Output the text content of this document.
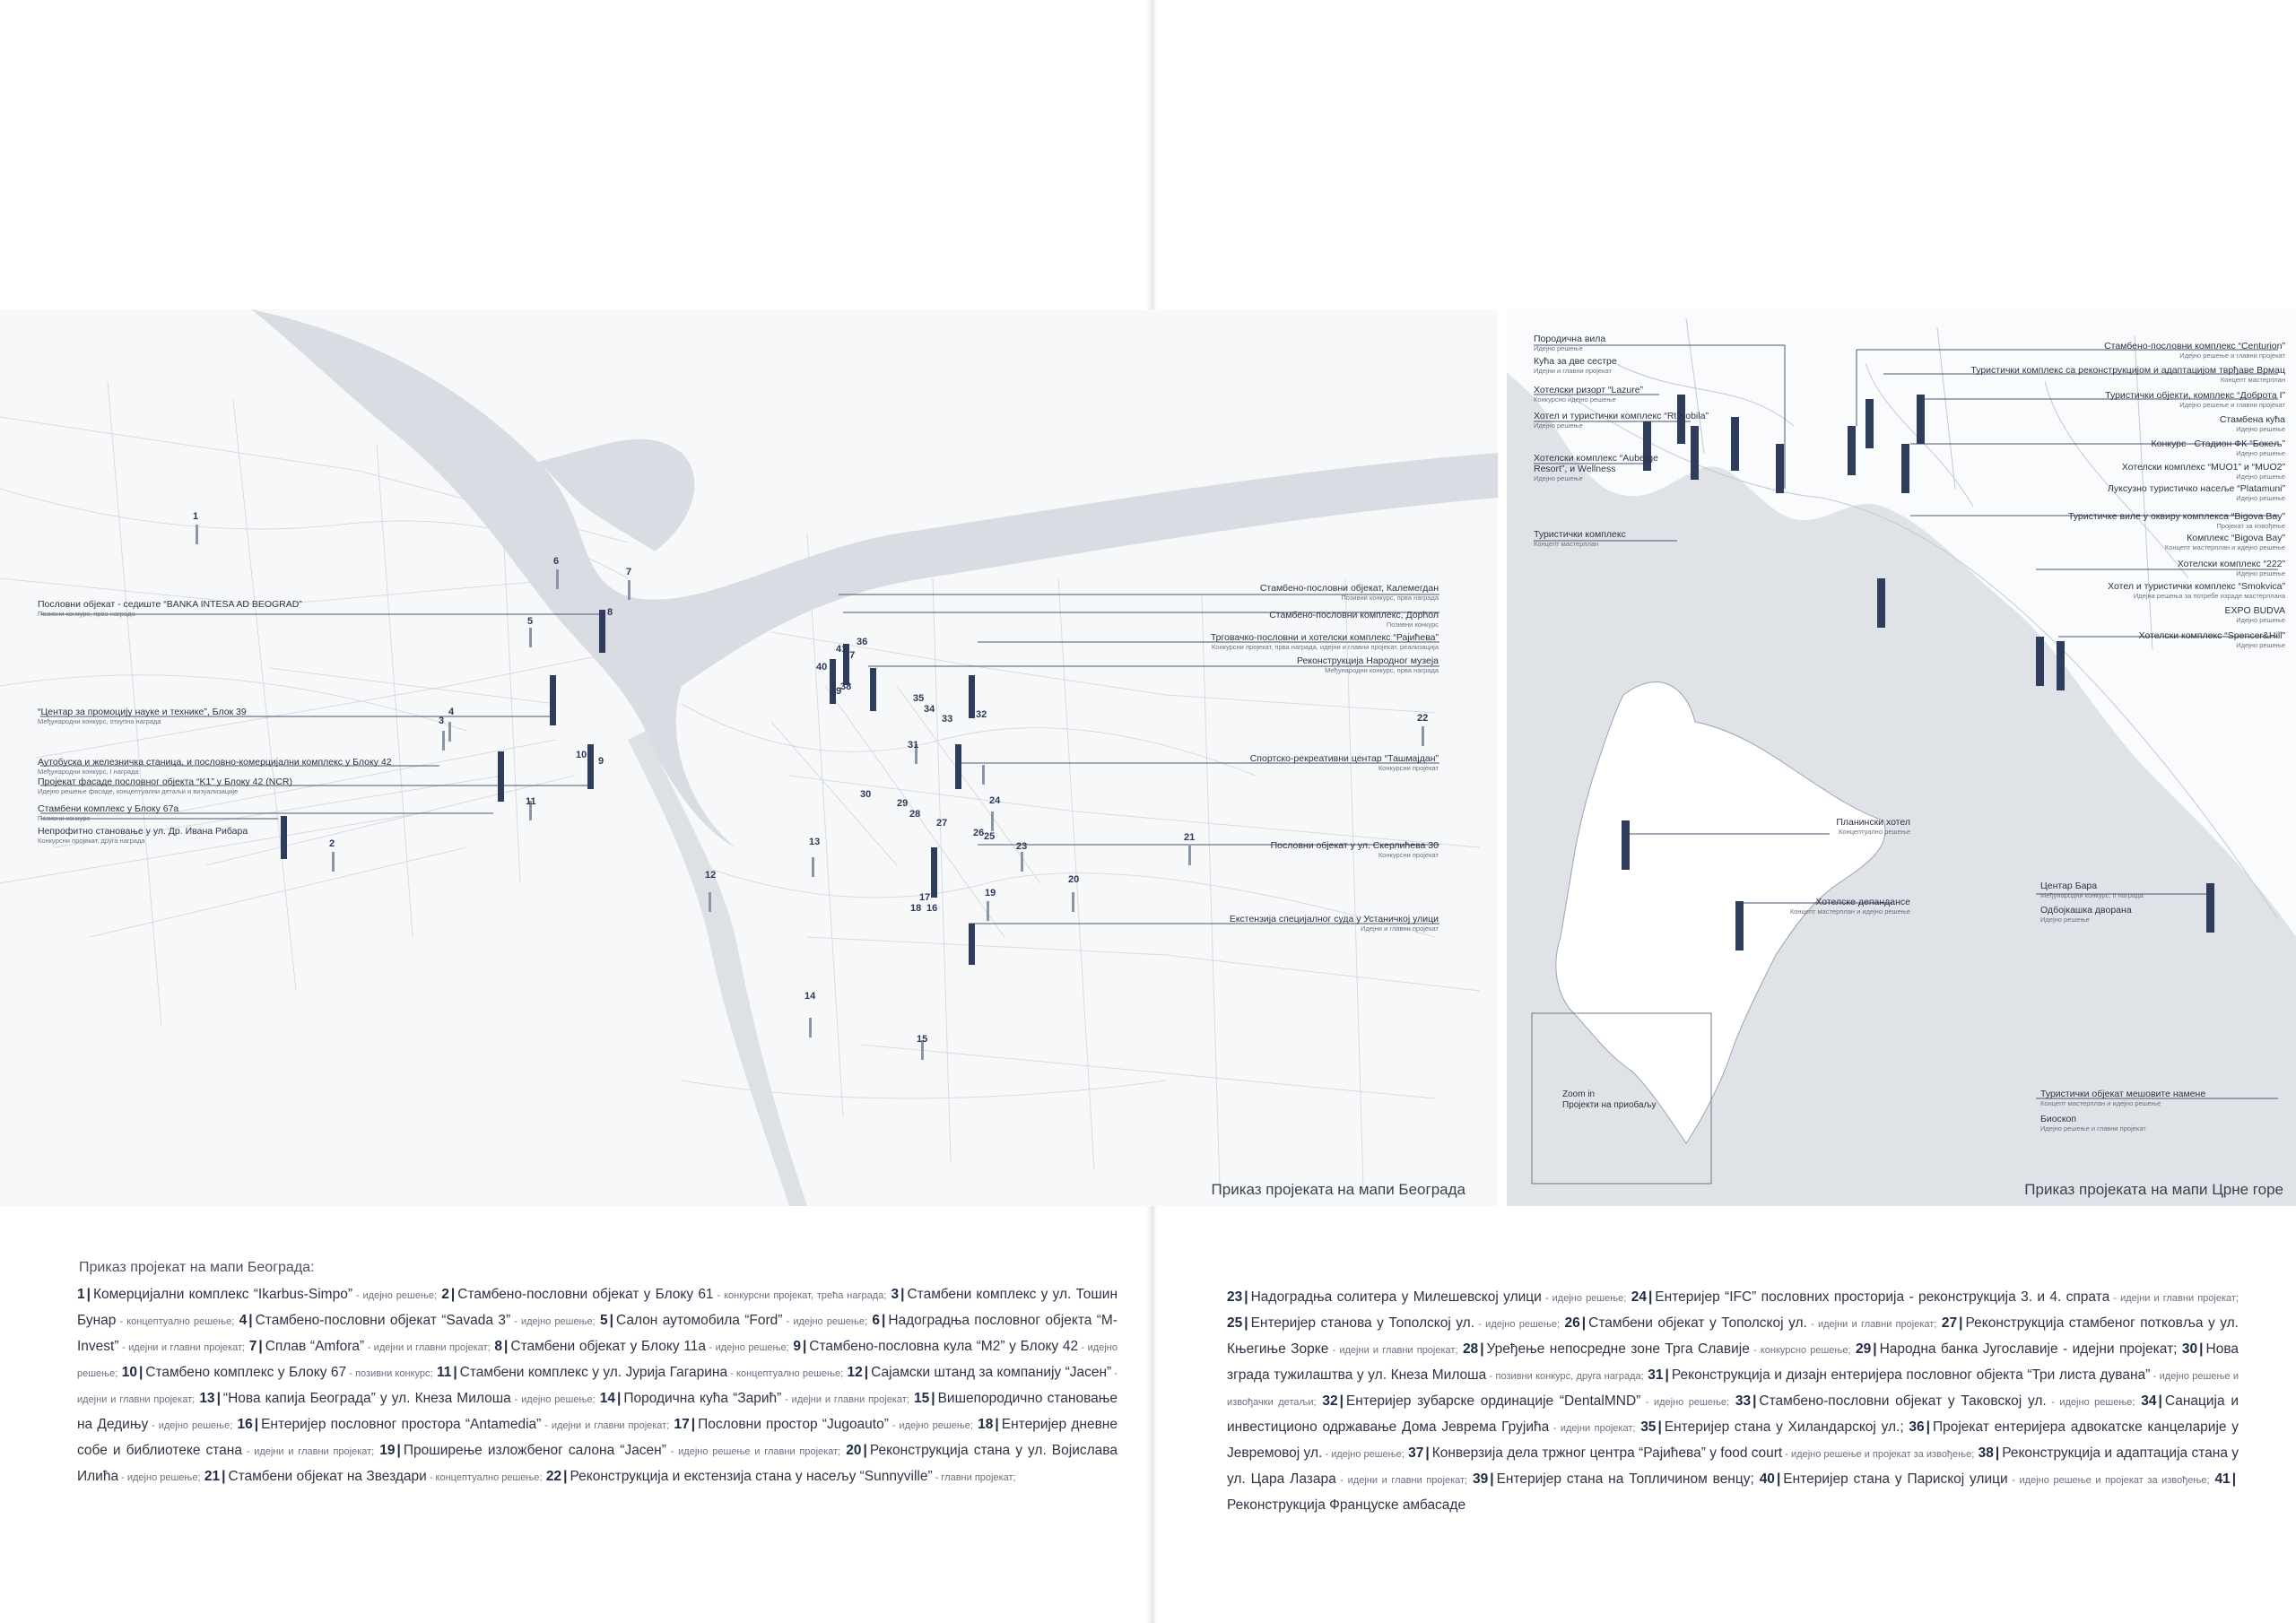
Пословни објекат - седиште “BANKA INTESA AD BEOGRAD”
Позивни конкурс, прва награда
“Центар за промоцију науке и технике”, Блок 39
Међународни конкурс, откупна награда
Аутобуска и железничка станица, и пословно-комерцијални комплекс у Блоку 42
Међународни конкурс, I награда
Пројекат фасаде пословног објекта “K1” у Блоку 42 (NCR)
Идејно решење фасаде, концептуални детаљи и визуализације
Стамбени комплекс у Блоку 67а
Позивни конкурс
Непрофитно становање у ул. Др. Ивана Рибара
Конкурсни пројекат, друга награда
Стамбено-пословни објекат, Калемегдан
Позивни конкурс, прва награда
Стамбено-пословни комплекс, Дорћол
Позивни конкурс
Трговачко-пословни и хотелски комплекс “Рајићева”
Конкурсни пројекат, прва награда, идејни и главни пројекат, реализација
Реконструкција Народног музеја
Међународни конкурс, прва награда
Спортско-рекреативни центар “Ташмајдан”
Конкурсни пројекат
Пословни објекат у ул. Скерлићева 30
Конкурсни пројекат
Екстензија специјалног суда у Устаничкој улици
Идејни и главни пројекат
1
2
3
4
5
6
7
8
9
10
11
12
13
14
15
16
17
18
19
20
21
22
23
24
25
26
27
28
29
30
31
32
33
34
35
36
37
38
39
40
41
Приказ пројеката на мапи Београда
Породична вила
Идејно решење
Кућа за две сестре
Идејни и главни пројекат
Хотелски ризорт “Lazure”
Конкурсно идејно решење
Хотел и туристички комплекс “Rt Kobila”
Идејно решење
Хотелски комплекс “Auberge Resort”, и Wellness
Идејно решење
Туристички комплекс
Концепт мастерплан
Стамбено-пословни комплекс “Centurion”
Идејно решење и главни пројекат
Туристички комплекс са реконструкцијом и адаптацијом тврђаве Врмац
Концепт мастерплан
Туристички објекти, комплекс “Доброта I”
Идејно решење и главни пројекат
Стамбена кућа
Идејно решење
Конкурс - Стадион ФК “Бокељ”
Идејно решење
Хотелски комплекс “MUO1” и “MUO2”
Идејно решење
Луксузно туристичко насеље “Platamuni”
Идејно решење
Туристичке виле у оквиру комплекса “Bigova Bay”
Пројекат за извођење
Комплекс “Bigova Bay”
Концепт мастерплан и идејно решење
Хотелски комплекс “222”
Идејно решење
Хотел и туристички комплекс “Smokvica”
Идејна решења за потребе израде мастерплана
EXPO BUDVA
Идејно решење
Хотелски комплекс “Spencer&Hill”
Идејно решење
Планински хотел
Концептуално решење
Хотелске депандансе
Концепт мастерплан и идејно решење
Центар Бара
Међународни конкурс, II награда
Одбојкашка дворана
Идејно решење
Туристички објекат мешовите намене
Концепт мастерплан и идејно решење
Биоскоп
Идејно решење и главни пројекат
Zoom in
Пројекти на приобаљу
Приказ пројеката на мапи Црне горе
Приказ пројекат на мапи Београда:
1 | Комерцијални комплекс “Ikarbus-Simpo” - идејно решење; 2 | Стамбено-пословни објекат у Блоку 61 - конкурсни пројекат, трећа награда; 3 | Стамбени комплекс у ул. Тошин Бунар - концептуално решење; 4 | Стамбено-пословни објекат “Savada 3” - идејно решење; 5 | Салон аутомобила “Ford” - идејно решење; 6 | Надоградња пословног објекта “M-Invest” - идејни и главни пројекат; 7 | Сплав “Amfora” - идејни и главни пројекат; 8 | Стамбени објекат у Блоку 11а - идејно решење; 9 | Стамбено-пословна кула “M2” у Блоку 42 - идејно решење; 10 | Стамбено комплекс у Блоку 67 - позивни конкурс; 11 | Стамбени комплекс у ул. Јурија Гагарина - концептуално решење; 12 | Сајамски штанд за компанију “Јасен” - идејни и главни пројекат; 13 | “Нова капија Београда” у ул. Кнеза Милоша - идејно решење; 14 | Породична кућа “Зарић” - идејни и главни пројекат; 15 | Вишепородично становање на Дедињу - идејно решење; 16 | Ентеријер пословног простора “Antamedia” - идејни и главни пројекат; 17 | Пословни простор “Jugoauto” - идејно решење; 18 | Ентеријер дневне собе и библиотеке стана - идејни и главни пројекат; 19 | Проширење изложбеног салона “Јасен” - идејно решење и главни пројекат; 20 | Реконструкција стана у ул. Војислава Илића - идејно решење; 21 | Стамбени објекат на Звездари - концептуално решење; 22 | Реконструкција и екстензија стана у насељу “Sunnyville” - главни пројекат;
23 | Надоградња солитера у Милешевској улици - идејно решење; 24 | Ентеријер “IFC” пословних просторија - реконструкција 3. и 4. спрата - идејни и главни пројекат; 25 | Ентеријер станова у Тополској ул. - идејно решење; 26 | Стамбени објекат у Тополској ул. - идејни и главни пројекат; 27 | Реконструкција стамбеног потковља у ул. Књегиње Зорке - идејни и главни пројекат; 28 | Уређење непосредне зоне Трга Славије - конкурсно решење; 29 | Народна банка Југославије - идејни пројекат; 30 | Нова зграда тужилаштва у ул. Кнеза Милоша - позивни конкурс, друга награда; 31 | Реконструкција и дизајн ентеријера пословног објекта “Три листа дувана” - идејно решење и извођачки детаљи; 32 | Ентеријер зубарске ординације “DentalMND” - идејно решење; 33 | Стамбено-пословни објекат у Таковској ул. - идејно решење; 34 | Санација и инвестиционо одржавање Дома Јеврема Грујића - идејни пројекат; 35 | Ентеријер стана у Хиландарској ул.; 36 | Пројекат ентеријера адвокатске канцеларије у Јевремовој ул. - идејно решење; 37 | Конверзија дела тржног центра “Рајићева” у food court - идејно решење и пројекат за извођење; 38 | Реконструкција и адаптација стана у ул. Цара Лазара - идејни и главни пројекат; 39 | Ентеријер стана на Топличином венцу; 40 | Ентеријер стана у Парискoј улици - идејно решење и пројекат за извођење; 41 |Реконструкција Француске амбасаде
